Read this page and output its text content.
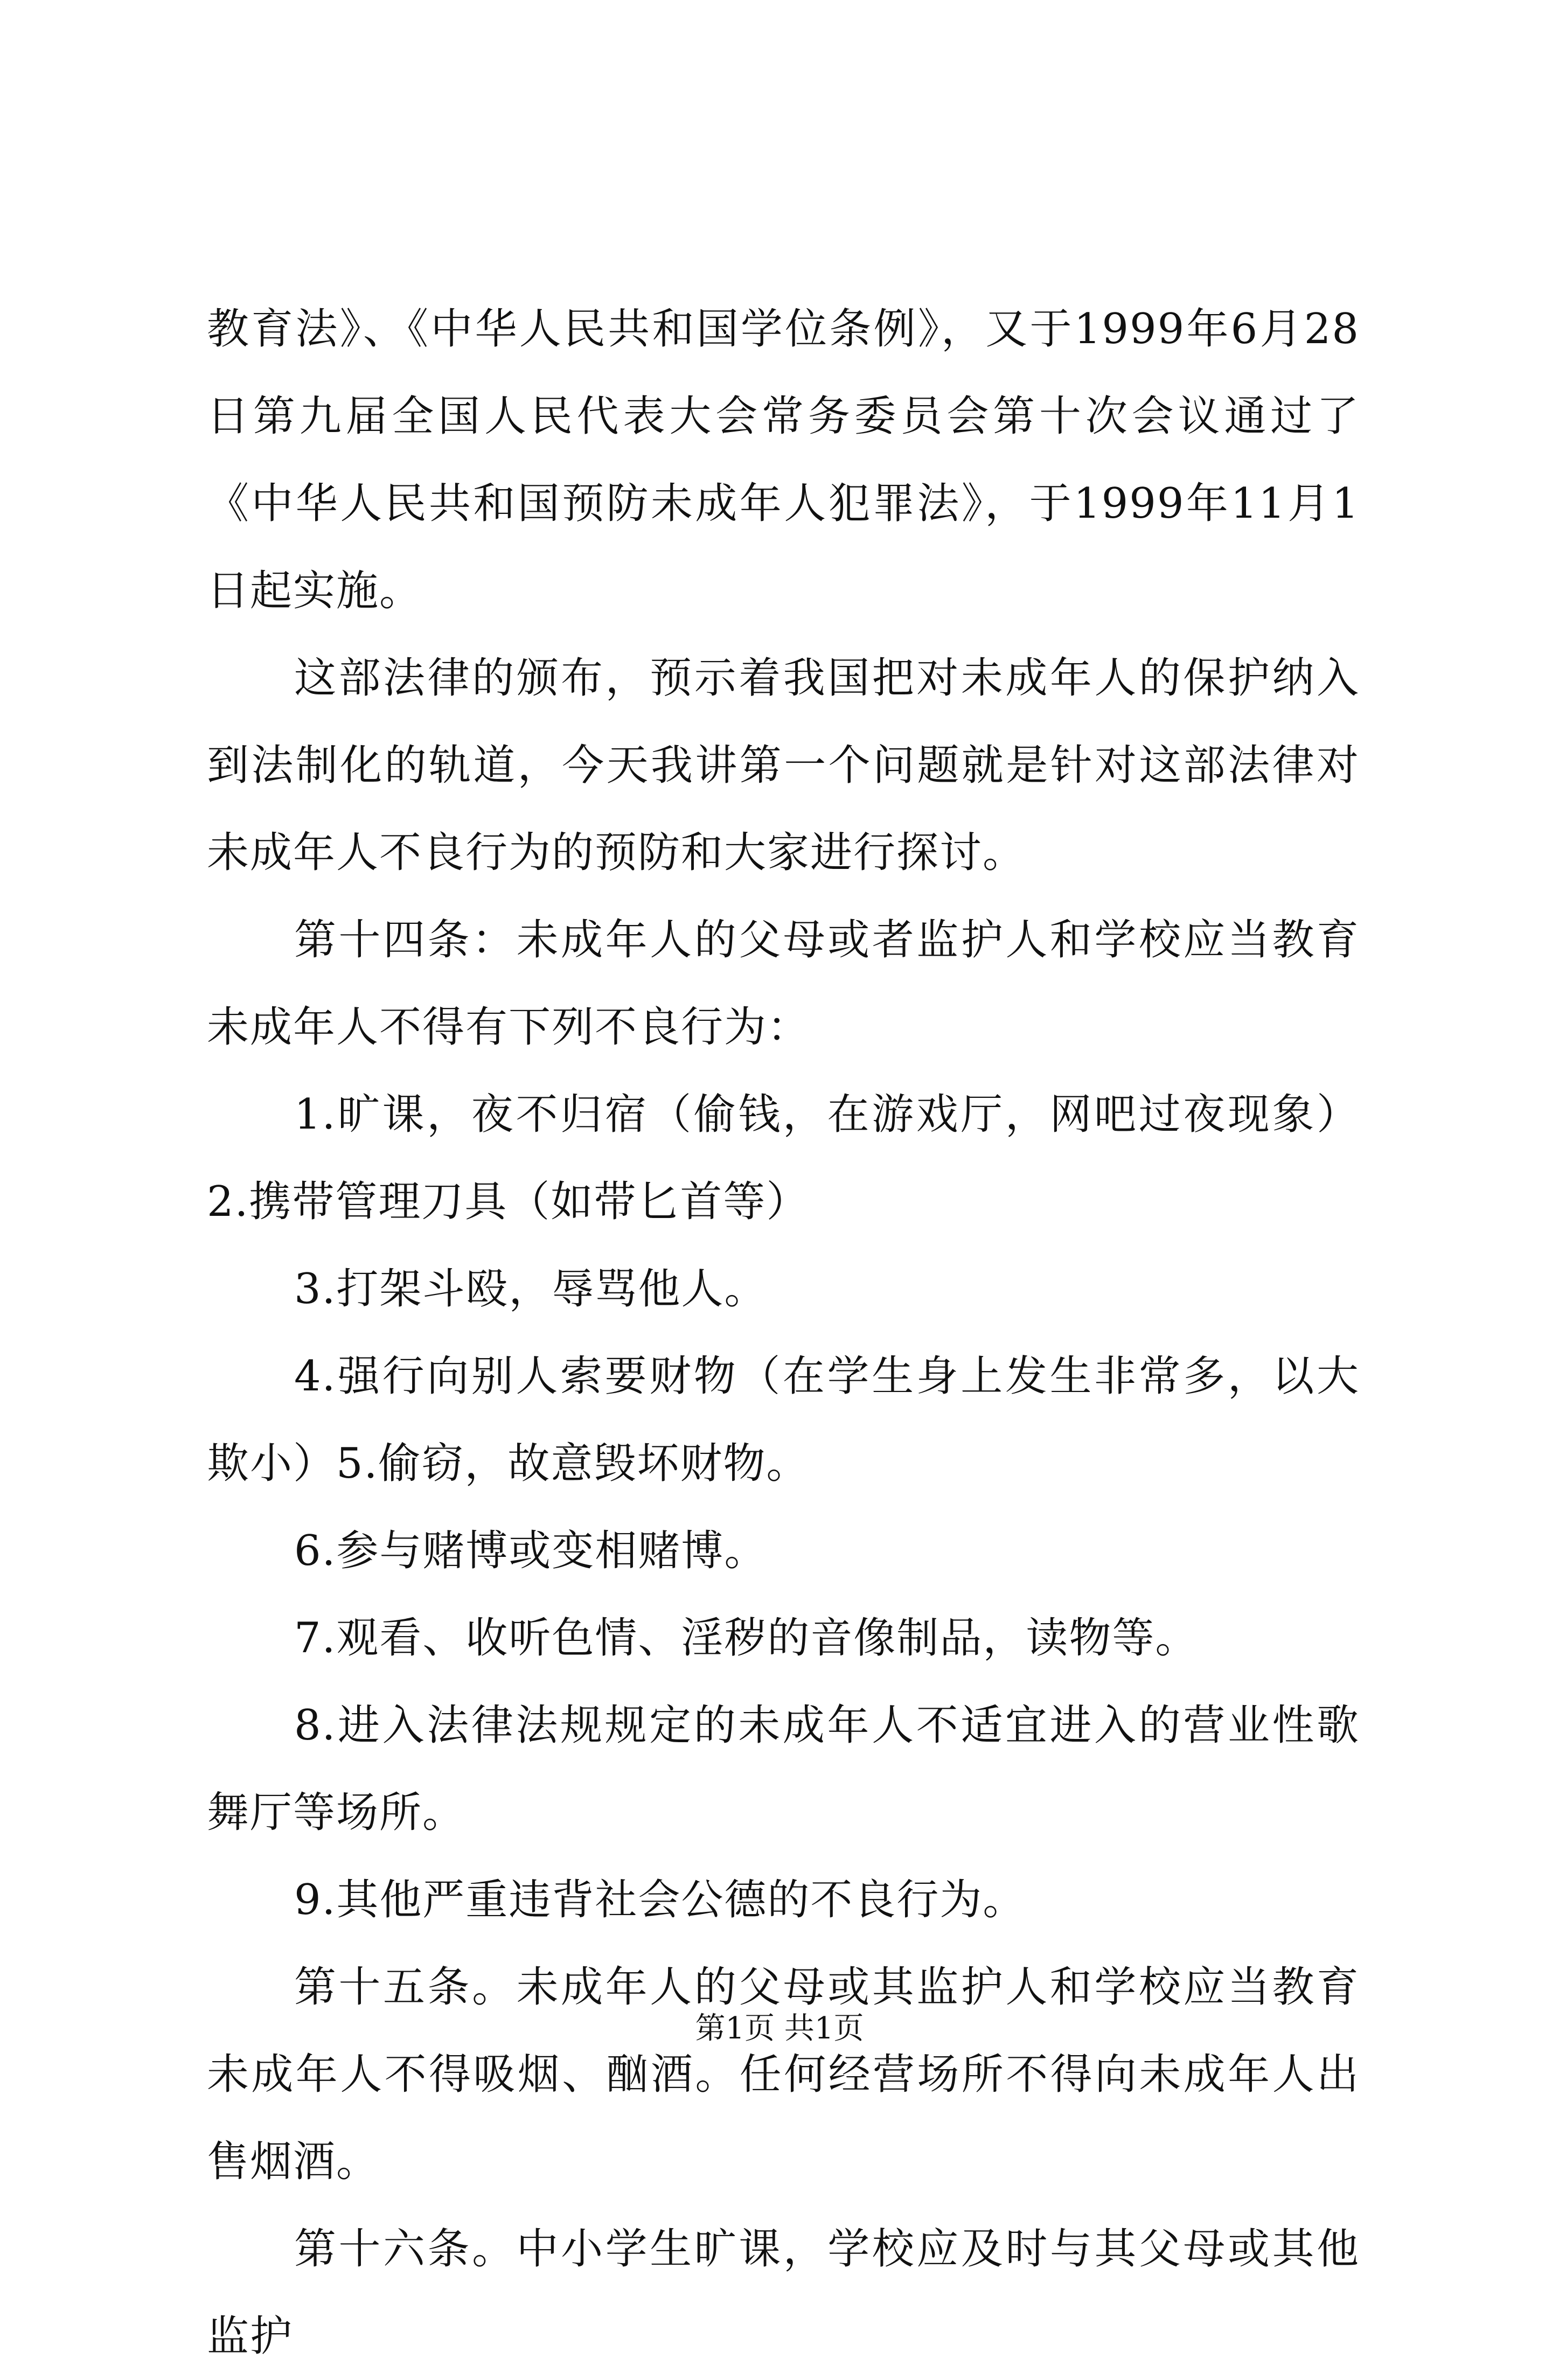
教育法》、《中华人民共和国学位条例》，又于1999年6月28日第九届全国人民代表大会常务委员会第十次会议通过了《中华人民共和国预防未成年人犯罪法》，于1999年11月1日起实施。

这部法律的颁布，预示着我国把对未成年人的保护纳入到法制化的轨道，今天我讲第一个问题就是针对这部法律对未成年人不良行为的预防和大家进行探讨。

第十四条：未成年人的父母或者监护人和学校应当教育未成年人不得有下列不良行为：

1.旷课，夜不归宿（偷钱，在游戏厅，网吧过夜现象）2.携带管理刀具（如带匕首等）

3.打架斗殴，辱骂他人。

4.强行向别人索要财物（在学生身上发生非常多，以大欺小）5.偷窃，故意毁坏财物。

6.参与赌博或变相赌博。

7.观看、收听色情、淫秽的音像制品，读物等。

8.进入法律法规规定的未成年人不适宜进入的营业性歌舞厅等场所。

9.其他严重违背社会公德的不良行为。

第十五条。未成年人的父母或其监护人和学校应当教育未成年人不得吸烟、酗酒。任何经营场所不得向未成年人出售烟酒。

第十六条。中小学生旷课，学校应及时与其父母或其他监护

第1页 共1页
